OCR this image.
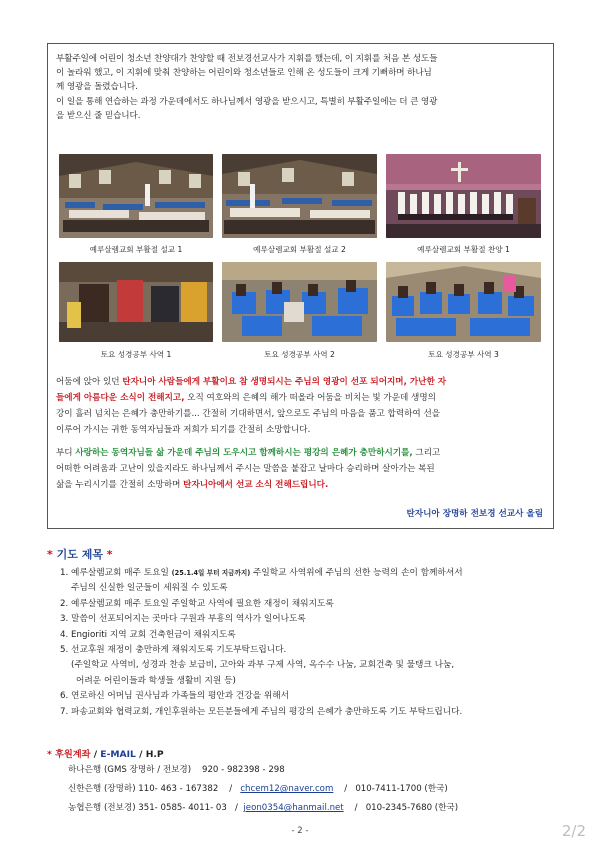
부활주일에 어린이 청소년 찬양대가 찬양할 때 전보경선교사가 지휘를 했는데, 이 지휘를 처음 본 성도들

이 놀라워 했고, 이 지휘에 맞춰 찬양하는 어린이와 청소년들로 인해 온 성도들이 크게 기뻐하며 하나님

께 영광을 돌렸습니다.

이 일을 통해 연습하는 과정 가운데에서도 하나님께서 영광을 받으시고, 특별히 부활주일에는 더 큰 영광

을 받으신 줄 믿습니다.

예루살렘교회 부활절 설교 1	예루살렘교회 부활절 설교 2	예루살렘교회 부활절 찬양 1
토요 성경공부 사역 1	토요 성경공부 사역 2	토요 성경공부 사역 3

어둠에 앉아 있던 탄자니아 사람들에게 부활이요 참 생명되시는 주님의 영광이 선포 되어지며, 가난한 자
들에게 아름다운 소식이 전해지고, 오직 여호와의 은혜의 해가 떠올라 어둠을 비치는 빛 가운데 생명의
강이 흘러 넘치는 은혜가 충만하기를... 간절히 기대하면서, 앞으로도 주님의 마음을 품고 합력하여 선을
이루어 가시는 귀한 동역자님들과 저희가 되기를 간절히 소망합니다.

부디 사랑하는 동역자님들 삶 가운데 주님의 도우시고 함께하시는 평강의 은혜가 충만하시기를, 그리고
어떠한 어려움과 고난이 있을지라도 하나님께서 주시는 말씀을 붙잡고 날마다 승리하며 살아가는 복된
삶을 누리시기를 간절히 소망하며 탄자니아에서 선교 소식 전해드립니다.

탄자니아 장명하 전보경 선교사 올림
* 기도 제목 *
1. 예루살렘교회 매주 토요일 (25.1.4일 부터 지금까지) 주일학교 사역위에 주님의 선한 능력의 손이 함께하셔서
주님의 신실한 일군들이 세워질 수 있도록
2. 예루살렘교회 매주 토요일 주일학교 사역에 필요한 재정이 채워지도록
3. 말씀이 선포되어지는 곳마다 구원과 부흥의 역사가 일어나도록
4. Engioriti 지역 교회 건축헌금이 채워지도록
5. 선교후원 재정이 충만하게 채워지도록 기도부탁드립니다.
(주일학교 사역비, 성경과 찬송 보급비, 고아와 과부 구제 사역, 옥수수 나눔, 교회건축 및 물탱크 나눔,
어려운 어린이들과 학생들 생활비 지원 등)
6. 연로하신 어머님 권사님과 가족들의 평안과 건강을 위해서
7. 파송교회와 협력교회, 개인후원하는 모든분들에게 주님의 평강의 은혜가 충만하도록 기도 부탁드립니다.
* 후원계좌 / E-MAIL / H.P
하나은행 (GMS 장명하 / 전보경)    920 - 982398 - 298
신한은행 (장명하) 110- 463 - 167382    /   chcem12@naver.com    /   010-7411-1700 (한국)
농협은행 (전보경) 351- 0585- 4011- 03   /  jeon0354@hanmail.net    /   010-2345-7680 (한국)
- 2 -	2/2
